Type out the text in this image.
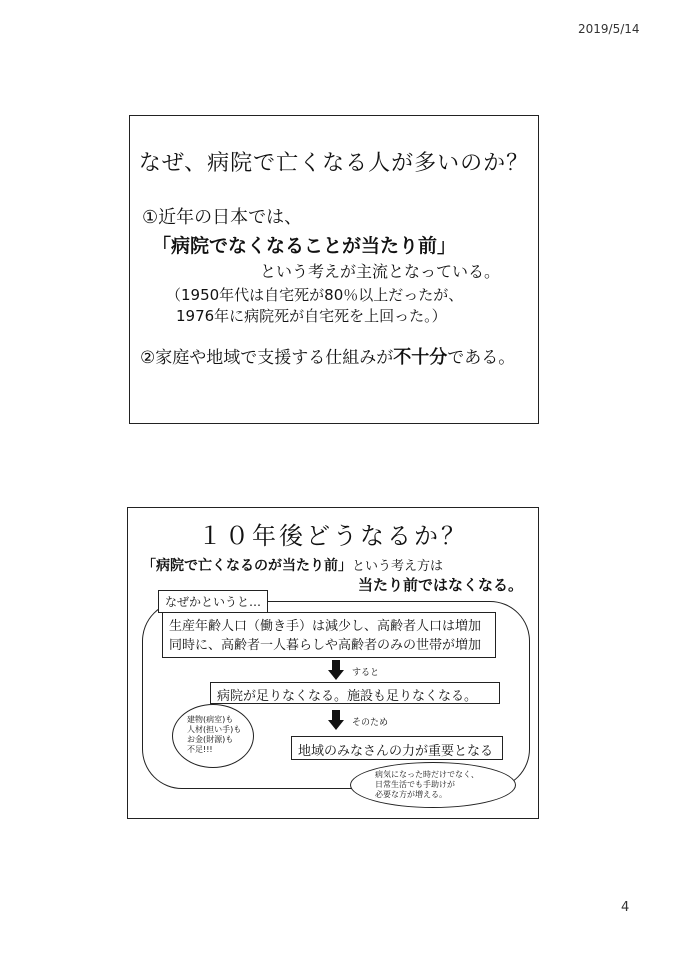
2019/5/14
なぜ、病院で亡くなる人が多いのか？
①近年の日本では、
「病院でなくなることが当たり前」
という考えが主流となっている。
（1950年代は自宅死が80％以上だったが、
1976年に病院死が自宅死を上回った。）
②家庭や地域で支援する仕組みが不十分である。
１０年後どうなるか？
「病院で亡くなるのが当たり前」という考え方は
当たり前ではなくなる。
なぜかというと…
生産年齢人口（働き手）は減少し、高齢者人口は増加
同時に、高齢者一人暮らしや高齢者のみの世帯が増加
すると
病院が足りなくなる。施設も足りなくなる。
そのため
地域のみなさんの力が重要となる
建物(病室)も
人材(担い手)も
お金(財源)も
不足!!!
病気になった時だけでなく、
日常生活でも手助けが
必要な方が増える。
4
